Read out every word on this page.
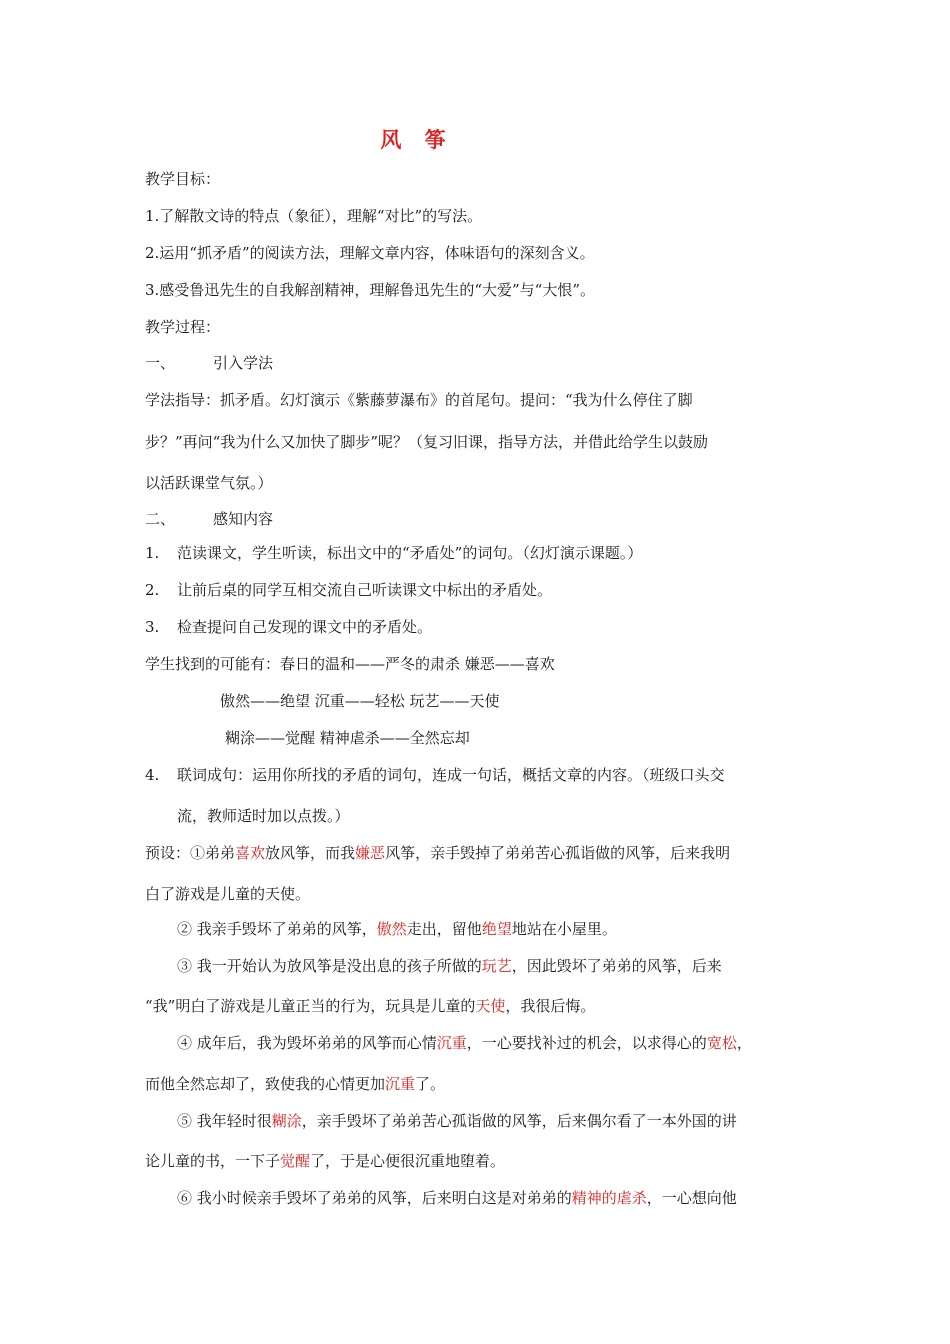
风 筝
教学目标：
1.了解散文诗的特点（象征），理解“对比”的写法。
2.运用“抓矛盾”的阅读方法，理解文章内容，体味语句的深刻含义。
3.感受鲁迅先生的自我解剖精神，理解鲁迅先生的“大爱”与“大恨”。
教学过程：
一、	引入学法
学法指导：抓矛盾。幻灯演示《紫藤萝瀑布》的首尾句。提问：“我为什么停住了脚
步？”再问“我为什么又加快了脚步”呢？（复习旧课，指导方法，并借此给学生以鼓励
以活跃课堂气氛。）
二、	感知内容
1. 范读课文，学生听读，标出文中的“矛盾处”的词句。（幻灯演示课题。）
2. 让前后桌的同学互相交流自己听读课文中标出的矛盾处。
3. 检查提问自己发现的课文中的矛盾处。
学生找到的可能有：春日的温和——严冬的肃杀 嫌恶——喜欢
傲然——绝望 沉重——轻松 玩艺——天使
糊涂——觉醒 精神虐杀——全然忘却
4. 联词成句：运用你所找的矛盾的词句，连成一句话，概括文章的内容。（班级口头交
流，教师适时加以点拨。）
预设：①弟弟喜欢放风筝，而我嫌恶风筝，亲手毁掉了弟弟苦心孤诣做的风筝，后来我明
白了游戏是儿童的天使。
② 我亲手毁坏了弟弟的风筝，傲然走出，留他绝望地站在小屋里。
③ 我一开始认为放风筝是没出息的孩子所做的玩艺，因此毁坏了弟弟的风筝，后来
“我”明白了游戏是儿童正当的行为，玩具是儿童的天使，我很后悔。
④ 成年后，我为毁坏弟弟的风筝而心情沉重，一心要找补过的机会，以求得心的宽松，
而他全然忘却了，致使我的心情更加沉重了。
⑤ 我年轻时很糊涂，亲手毁坏了弟弟苦心孤诣做的风筝，后来偶尔看了一本外国的讲
论儿童的书，一下子觉醒了，于是心便很沉重地堕着。
⑥ 我小时候亲手毁坏了弟弟的风筝，后来明白这是对弟弟的精神的虐杀，一心想向他
